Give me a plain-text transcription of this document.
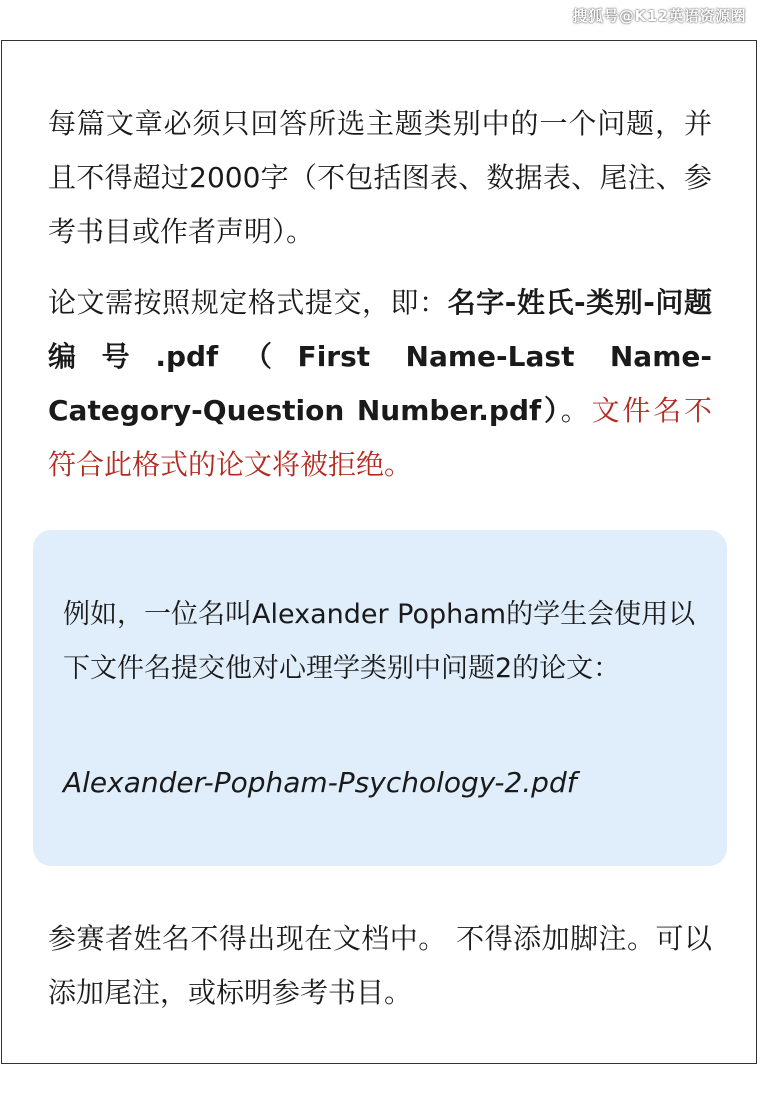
搜狐号@K12英语资源圈

每篇文章必须只回答所选主题类别中的一个问题，并且不得超过2000字（不包括图表、数据表、尾注、参考书目或作者声明）。

论文需按照规定格式提交，即：名字-姓氏-类别-问题编号.pdf（First Name-Last Name-Category-Question Number.pdf）。文件名不符合此格式的论文将被拒绝。

例如，一位名叫Alexander Popham的学生会使用以下文件名提交他对心理学类别中问题2的论文：

Alexander-Popham-Psychology-2.pdf

参赛者姓名不得出现在文档中。 不得添加脚注。可以添加尾注，或标明参考书目。
